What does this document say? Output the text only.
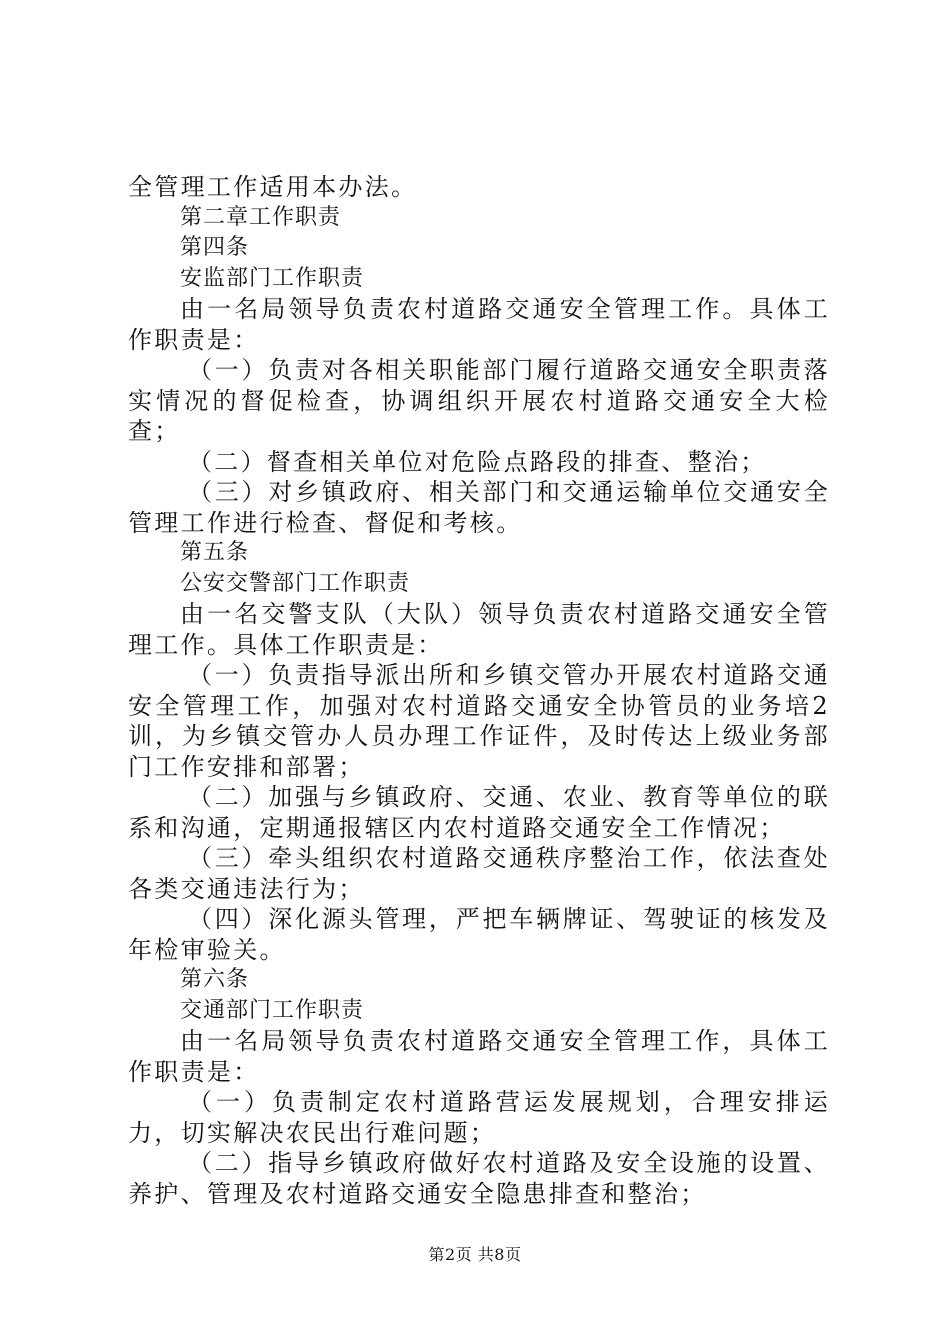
全管理工作适用本办法。

第二章工作职责

第四条

安监部门工作职责

由一名局领导负责农村道路交通安全管理工作。具体工作职责是：

（一）负责对各相关职能部门履行道路交通安全职责落实情况的督促检查，协调组织开展农村道路交通安全大检查；

（二）督查相关单位对危险点路段的排查、整治；

（三）对乡镇政府、相关部门和交通运输单位交通安全管理工作进行检查、督促和考核。

第五条

公安交警部门工作职责

由一名交警支队（大队）领导负责农村道路交通安全管理工作。具体工作职责是：

（一）负责指导派出所和乡镇交管办开展农村道路交通安全管理工作，加强对农村道路交通安全协管员的业务培2训，为乡镇交管办人员办理工作证件，及时传达上级业务部门工作安排和部署；

（二）加强与乡镇政府、交通、农业、教育等单位的联系和沟通，定期通报辖区内农村道路交通安全工作情况；

（三）牵头组织农村道路交通秩序整治工作，依法查处各类交通违法行为；

（四）深化源头管理，严把车辆牌证、驾驶证的核发及年检审验关。

第六条

交通部门工作职责

由一名局领导负责农村道路交通安全管理工作，具体工作职责是：

（一）负责制定农村道路营运发展规划，合理安排运力，切实解决农民出行难问题；

（二）指导乡镇政府做好农村道路及安全设施的设置、养护、管理及农村道路交通安全隐患排查和整治；

第2页 共8页
